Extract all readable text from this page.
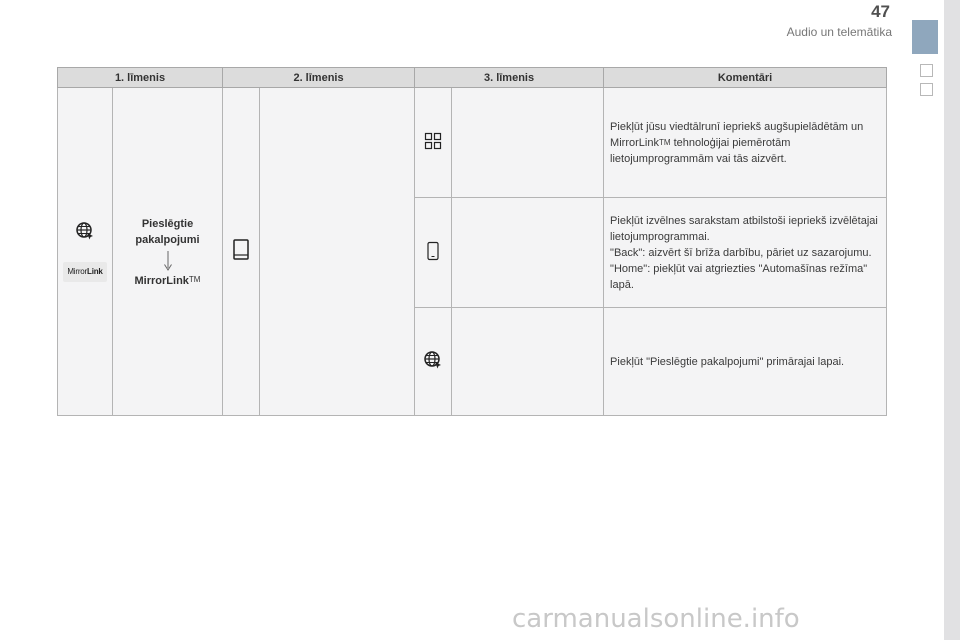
47
Audio un telemātika
1. līmenis		2. līmenis		3. līmenis		Komentāri

MirrorLink	Pieslēgtie
pakalpojumi
MirrorLink™					Piekļūt jūsu viedtālrunī iepriekš augšupielādētām un MirrorLink™ tehnoloģijai piemērotām lietojumprogrammām vai tās aizvērt.
		Piekļūt izvēlnes sarakstam atbilstoši iepriekš izvēlētajai lietojumprogrammai.
"Back": aizvērt šī brīža darbību, pāriet uz sazarojumu.
"Home": piekļūt vai atgriezties "Automašīnas režīma" lapā.
		Piekļūt "Pieslēgtie pakalpojumi" primārajai lapai.
carmanualsonline.info
